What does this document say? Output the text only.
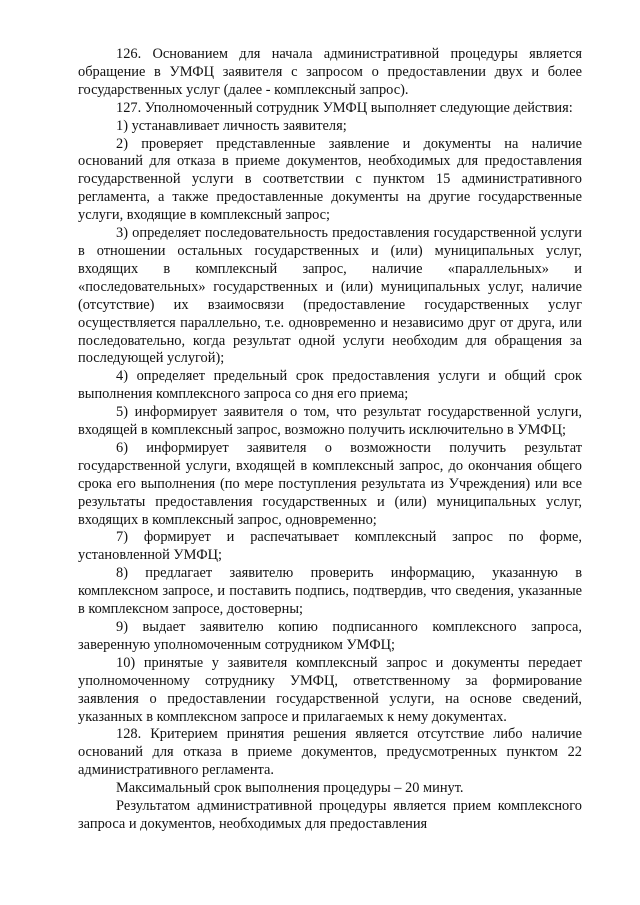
126. Основанием для начала административной процедуры является обращение в УМФЦ заявителя с запросом о предоставлении двух и более государственных услуг (далее - комплексный запрос).

127. Уполномоченный сотрудник УМФЦ выполняет следующие действия:

1) устанавливает личность заявителя;

2) проверяет представленные заявление и документы на наличие оснований для отказа в приеме документов, необходимых для предоставления государственной услуги в соответствии с пунктом 15 административного регламента, а также предоставленные документы на другие государственные услуги, входящие в комплексный запрос;

3) определяет последовательность предоставления государственной услуги в отношении остальных государственных и (или) муниципальных услуг, входящих в комплексный запрос, наличие «параллельных» и «последовательных» государственных и (или) муниципальных услуг, наличие (отсутствие) их взаимосвязи (предоставление государственных услуг осуществляется параллельно, т.е. одновременно и независимо друг от друга, или последовательно, когда результат одной услуги необходим для обращения за последующей услугой);

4) определяет предельный срок предоставления услуги и общий срок выполнения комплексного запроса со дня его приема;

5) информирует заявителя о том, что результат государственной услуги, входящей в комплексный запрос, возможно получить исключительно в УМФЦ;

6) информирует заявителя о возможности получить результат государственной услуги, входящей в комплексный запрос, до окончания общего срока его выполнения (по мере поступления результата из Учреждения) или все результаты предоставления государственных и (или) муниципальных услуг, входящих в комплексный запрос, одновременно;

7) формирует и распечатывает комплексный запрос по форме, установленной УМФЦ;

8) предлагает заявителю проверить информацию, указанную в комплексном запросе, и поставить подпись, подтвердив, что сведения, указанные в комплексном запросе, достоверны;

9) выдает заявителю копию подписанного комплексного запроса, заверенную уполномоченным сотрудником УМФЦ;

10) принятые у заявителя комплексный запрос и документы передает уполномоченному сотруднику УМФЦ, ответственному за формирование заявления о предоставлении государственной услуги, на основе сведений, указанных в комплексном запросе и прилагаемых к нему документах.

128. Критерием принятия решения является отсутствие либо наличие оснований для отказа в приеме документов, предусмотренных пунктом 22 административного регламента.

Максимальный срок выполнения процедуры – 20 минут.

Результатом административной процедуры является прием комплексного запроса и документов, необходимых для предоставления
